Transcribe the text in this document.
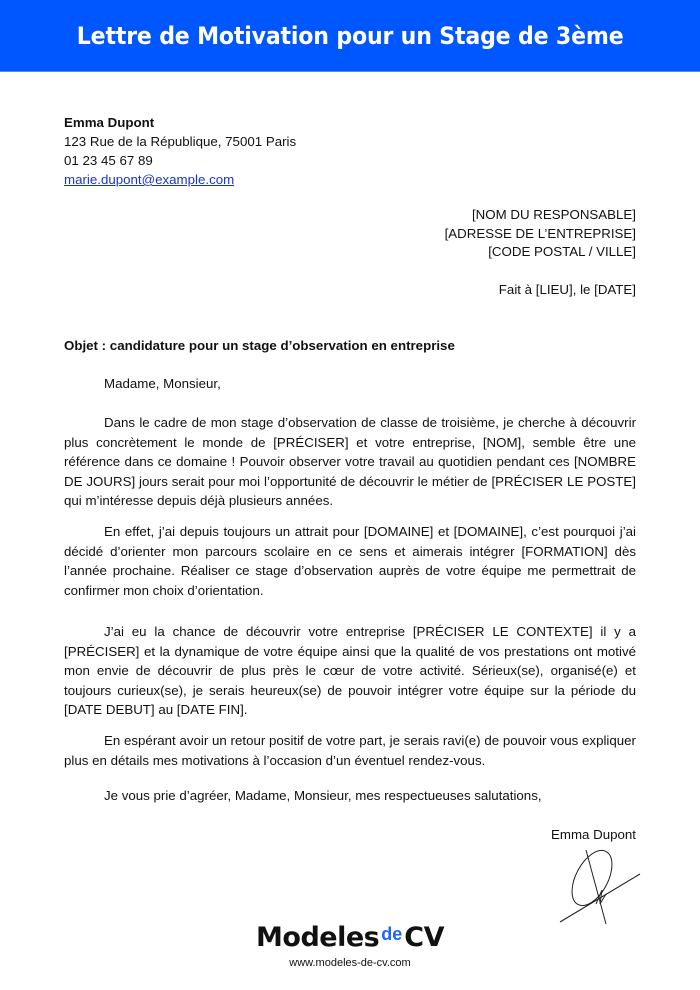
Lettre de Motivation pour un Stage de 3ème
Emma Dupont
123 Rue de la République, 75001 Paris
01 23 45 67 89
marie.dupont@example.com
[NOM DU RESPONSABLE]
[ADRESSE DE L’ENTREPRISE]
[CODE POSTAL / VILLE]
Fait à [LIEU], le [DATE]
Objet : candidature pour un stage d’observation en entreprise

Madame, Monsieur,

Dans le cadre de mon stage d’observation de classe de troisième, je cherche à découvrir plus concrètement le monde de [PRÉCISER] et votre entreprise, [NOM], semble être une référence dans ce domaine ! Pouvoir observer votre travail au quotidien pendant ces [NOMBRE DE JOURS] jours serait pour moi l’opportunité de découvrir le métier de [PRÉCISER LE POSTE] qui m’intéresse depuis déjà plusieurs années.

En effet, j’ai depuis toujours un attrait pour [DOMAINE] et [DOMAINE], c’est pourquoi j’ai décidé d’orienter mon parcours scolaire en ce sens et aimerais intégrer [FORMATION] dès l’année prochaine. Réaliser ce stage d’observation auprès de votre équipe me permettrait de confirmer mon choix d’orientation.

J’ai eu la chance de découvrir votre entreprise [PRÉCISER LE CONTEXTE] il y a [PRÉCISER] et la dynamique de votre équipe ainsi que la qualité de vos prestations ont motivé mon envie de découvrir de plus près le cœur de votre activité. Sérieux(se), organisé(e) et toujours curieux(se), je serais heureux(se) de pouvoir intégrer votre équipe sur la période du [DATE DEBUT] au [DATE FIN].

En espérant avoir un retour positif de votre part, je serais ravi(e) de pouvoir vous expliquer plus en détails mes motivations à l’occasion d’un éventuel rendez-vous.

Je vous prie d’agréer, Madame, Monsieur, mes respectueuses salutations,

Emma Dupont
Modeles deCV
www.modeles-de-cv.com
